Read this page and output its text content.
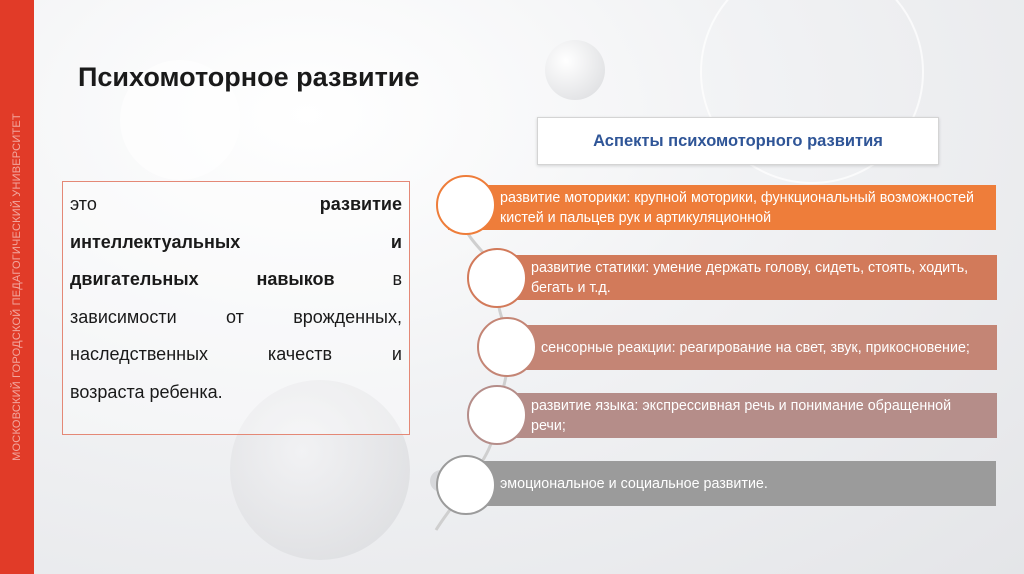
МОСКОВСКИЙ ГОРОДСКОЙ ПЕДАГОГИЧЕСКИЙ УНИВЕРСИТЕТ
Психомоторное развитие
это	развитие
интеллектуальных	и
двигательных	навыков	в
зависимости	от	врожденных,
наследственных	качеств	и
возраста ребенка.
Аспекты психомоторного развития
развитие моторики: крупной моторики, функциональный возможностей кистей и пальцев рук и артикуляционной
развитие статики: умение держать голову, сидеть, стоять, ходить, бегать и т.д.
сенсорные реакции: реагирование на свет, звук, прикосновение;
развитие языка: экспрессивная речь и понимание обращенной речи;
эмоциональное и социальное развитие.
